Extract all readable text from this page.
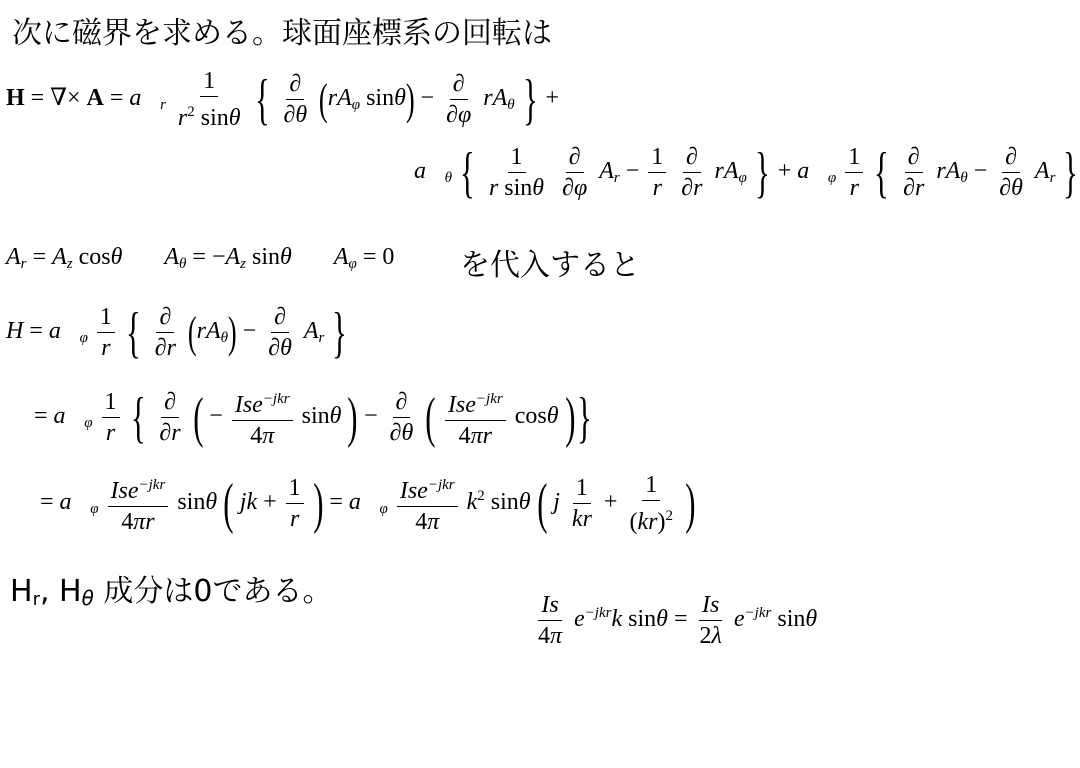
次に磁界を求める。球面座標系の回転は
H = ∇× $A = a⃗_r \frac{1}{r^2 \sin\theta}$ { $\frac{\partial}{\partial\theta} (rA_\varphi$ $\sin\theta) - \frac{\partial}{\partial\varphi} rA_\theta$ } +
$a⃗_\theta$ { $\frac{1}{\text{r sinθ}}$
$\frac{\partial}{\partial\varphi} A_r - \frac{1}{r}$
$\frac{\partial}{\partial r} rA_\varphi$ } + $a⃗_\varphi \frac{1}{r}$ { $\frac{\partial}{\partial r} rA_\theta - \frac{\partial}{\partial\theta} A_r$ }
$A_r = A_z$ cosθ $A_\theta = -A_z$ sinθ $A_\varphi = 0$ を代入すると
$H = a⃗_\varphi \frac{1}{r}$ { $\frac{\partial}{\partial r} (rA_\theta) - \frac{\partial}{\partial\theta} A_r$ }
= $a⃗_\varphi \frac{1}{r}$ { $\frac{\partial}{\partial r}$ ( − $\frac{Ise^{-jkr}}{4\pi}$ sinθ ) − $\frac{\partial}{\partial\theta}$ ( $\frac{Ise^{-jkr}}{4\pi r}$ cosθ )}
= $a⃗_\varphi \frac{Ise^{-jkr}}{4\pi r}$ sinθ ( jk + $\frac{1}{r}$ ) = $a⃗_\varphi \frac{Ise^{-jkr}}{4\pi} k^2$ sinθ ( j $\frac{1}{kr} + \frac{1}{(kr)^2}$ )
$H_r$, $H_\theta$ 成分は0である。	$\frac{Is}{4\pi} e^{-jkr}k$ $\sin\theta = \frac{Is}{2\lambda} e^{-jkr}$ sinθ
